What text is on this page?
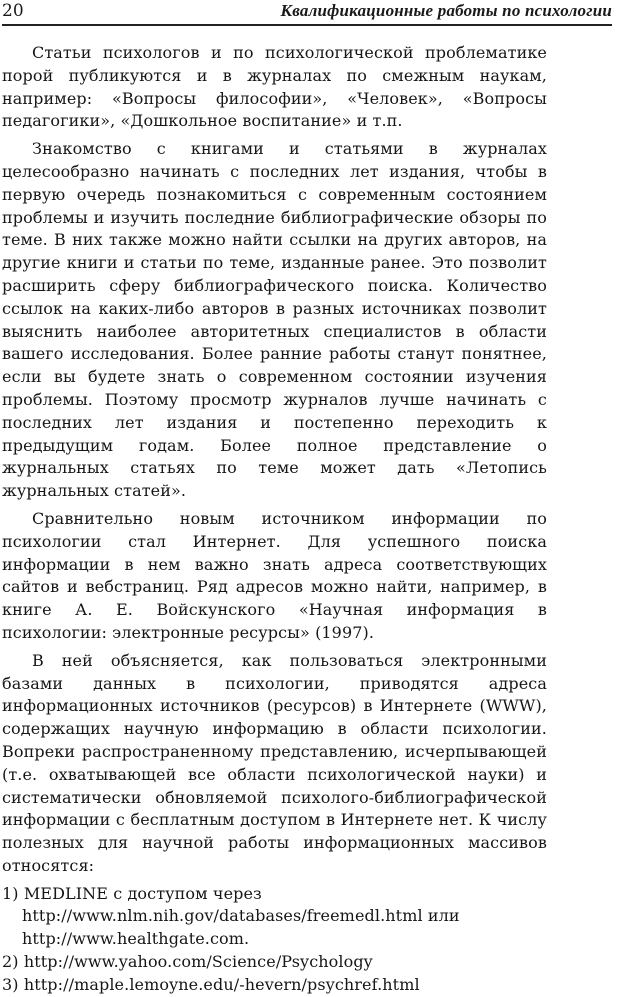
20	Квалификационные работы по психологии

Статьи психологов и по психологической проблематике порой публикуются и в журналах по смежным наукам, например: «Вопросы философии», «Человек», «Вопросы педагогики», «Дошкольное воспитание» и т.п.

Знакомство с книгами и статьями в журналах целесообразно начинать с последних лет издания, чтобы в первую очередь познакомиться с современным состоянием проблемы и изучить последние библиографические обзоры по теме. В них также можно найти ссылки на других авторов, на другие книги и статьи по теме, изданные ранее. Это позволит расширить сферу библиографического поиска. Количество ссылок на каких-либо авторов в разных источниках позволит выяснить наиболее авторитетных специалистов в области вашего исследования. Более ранние работы станут понятнее, если вы будете знать о современном состоянии изучения проблемы. Поэтому просмотр журналов лучше начинать с последних лет издания и постепенно переходить к предыдущим годам. Более полное представление о журнальных статьях по теме может дать «Летопись журнальных статей».

Сравнительно новым источником информации по психологии стал Интернет. Для успешного поиска информации в нем важно знать адреса соответствующих сайтов и вебстраниц. Ряд адресов можно найти, например, в книге А. Е. Войскунского «Научная информация в психологии: электронные ресурсы» (1997).

В ней объясняется, как пользоваться электронными базами данных в психологии, приводятся адреса информационных источников (ресурсов) в Интернете (WWW), содержащих научную информацию в области психологии. Вопреки распространенному представлению, исчерпывающей (т.е. охватывающей все области психологической науки) и систематически обновляемой психолого-библиографической информации с бесплатным доступом в Интернете нет. К числу полезных для научной работы информационных массивов относятся:

1) MEDLINE с доступом через http://www.nlm.nih.gov/databases/freemedl.html или http://www.healthgate.com.
2) http://www.yahoo.com/Science/Psychology
3) http://maple.lemoyne.edu/-hevern/psychref.html
